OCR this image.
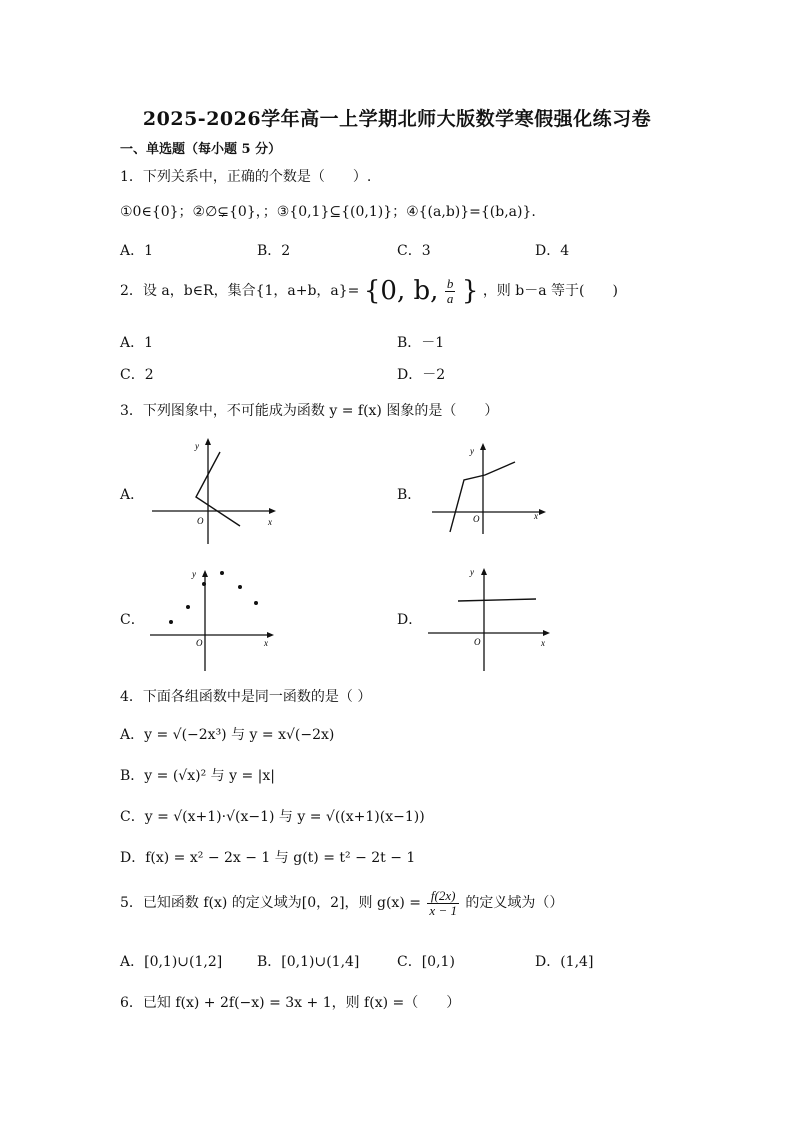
2025-2026学年高一上学期北师大版数学寒假强化练习卷
一、单选题（每小题 5 分）
1．下列关系中，正确的个数是（　　）.
①0∈{0}；②∅⊊{0}，；③{0,1}⊆{(0,1)}；④{(a,b)}={(b,a)}.
A．1	B．2	C．3	D．4
2．设 a，b∈R，集合{1，a+b，a}= {0, b, $\frac{b}{a}$ } ，则 b－a 等于(　　)
A．1	B．－1
C．2	D．－2
3．下列图象中，不可能成为函数 y = f(x) 图象的是（　　）
A．	B．
C．	D．
y
x
O
y
x
O
y
x
O
y
x
O
4．下面各组函数中是同一函数的是（ ）
A．y = √(−2x³) 与 y = x√(−2x)
B．y = (√x)² 与 y = |x|
C．y = √(x+1)·√(x−1) 与 y = √((x+1)(x−1))
D．f(x) = x² − 2x − 1 与 g(t) = t² − 2t − 1
5．已知函数 f(x) 的定义域为[0，2]，则 $g(x) = \frac{f(2x)}{x - 1}$ 的定义域为（）
A．[0,1)∪(1,2] B．[0,1)∪(1,4]	C．[0,1)	D．(1,4]
6．已知 f(x) + 2f(−x) = 3x + 1，则 f(x) =（　　）
